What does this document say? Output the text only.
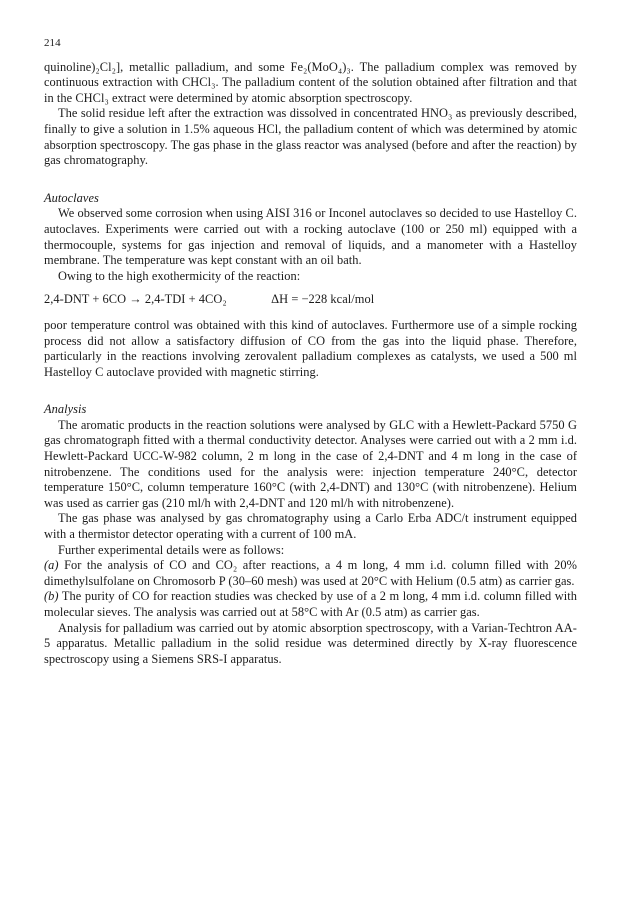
214

quinoline)₂Cl₂], metallic palladium, and some Fe₂(MoO₄)₃. The palladium complex was removed by continuous extraction with CHCl₃. The palladium content of the solution obtained after filtration and that in the CHCl₃ extract were determined by atomic absorption spectroscopy.

The solid residue left after the extraction was dissolved in concentrated HNO₃ as previously described, finally to give a solution in 1.5% aqueous HCl, the palladium content of which was determined by atomic absorption spectroscopy. The gas phase in the glass reactor was analysed (before and after the reaction) by gas chromatography.

Autoclaves

We observed some corrosion when using AISI 316 or Inconel autoclaves so decided to use Hastelloy C. autoclaves. Experiments were carried out with a rocking autoclave (100 or 250 ml) equipped with a thermocouple, systems for gas injection and removal of liquids, and a manometer with a Hastelloy membrane. The temperature was kept constant with an oil bath.

Owing to the high exothermicity of the reaction:

2,4-DNT + 6CO → 2,4-TDI + 4CO₂	ΔH = −228 kcal/mol

poor temperature control was obtained with this kind of autoclaves. Furthermore use of a simple rocking process did not allow a satisfactory diffusion of CO from the gas into the liquid phase. Therefore, particularly in the reactions involving zerovalent palladium complexes as catalysts, we used a 500 ml Hastelloy C autoclave provided with magnetic stirring.

Analysis

The aromatic products in the reaction solutions were analysed by GLC with a Hewlett-Packard 5750 G gas chromatograph fitted with a thermal conductivity detector. Analyses were carried out with a 2 mm i.d. Hewlett-Packard UCC-W-982 column, 2 m long in the case of 2,4-DNT and 4 m long in the case of nitrobenzene. The conditions used for the analysis were: injection temperature 240°C, detector temperature 150°C, column temperature 160°C (with 2,4-DNT) and 130°C (with nitrobenzene). Helium was used as carrier gas (210 ml/h with 2,4-DNT and 120 ml/h with nitrobenzene).

The gas phase was analysed by gas chromatography using a Carlo Erba ADC/t instrument equipped with a thermistor detector operating with a current of 100 mA.

Further experimental details were as follows:

(a) For the analysis of CO and CO₂ after reactions, a 4 m long, 4 mm i.d. column filled with 20% dimethylsulfolane on Chromosorb P (30–60 mesh) was used at 20°C with Helium (0.5 atm) as carrier gas.

(b) The purity of CO for reaction studies was checked by use of a 2 m long, 4 mm i.d. column filled with molecular sieves. The analysis was carried out at 58°C with Ar (0.5 atm) as carrier gas.

Analysis for palladium was carried out by atomic absorption spectroscopy, with a Varian-Techtron AA-5 apparatus. Metallic palladium in the solid residue was determined directly by X-ray fluorescence spectroscopy using a Siemens SRS-I apparatus.
